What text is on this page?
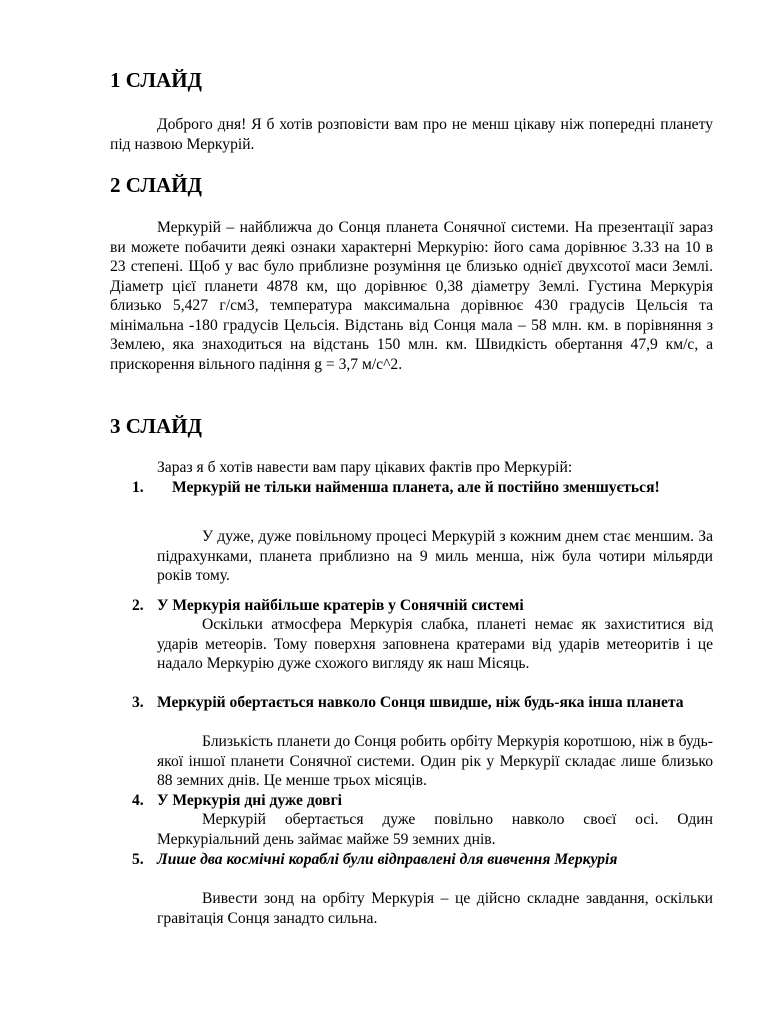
1 СЛАЙД

Доброго дня! Я б хотів розповісти вам про не менш цікаву ніж попередні планету під назвою Меркурій.

2 СЛАЙД

Меркурій – найближча до Сонця планета Сонячної системи. На презентації зараз ви можете побачити деякі ознаки характерні Меркурію: його сама дорівнює 3.33 на 10 в 23 степені. Щоб у вас було приблизне розуміння це близько однієї двухсотої маси Землі. Діаметр цієї планети 4878 км, що дорівнює 0,38 діаметру Землі. Густина Меркурія близько 5,427 г/см3, температура максимальна дорівнює 430 градусів Цельсія та мінімальна -180 градусів Цельсія. Відстань від Сонця мала – 58 млн. км. в порівняння з Землею, яка знаходиться на відстань 150 млн. км. Швидкість обертання 47,9 км/с, а прискорення вільного падіння g = 3,7 м/с^2.

3 СЛАЙД

Зараз я б хотів навести вам пару цікавих фактів про Меркурій:

1.	Меркурій не тільки найменша планета, але й постійно зменшується!

У дуже, дуже повільному процесі Меркурій з кожним днем стає меншим. За підрахунками, планета приблизно на 9 миль менша, ніж була чотири мільярди років тому.

2. У Меркурія найбільше кратерів у Сонячній системі

Оскільки атмосфера Меркурія слабка, планеті немає як захиститися від ударів метеорів. Тому поверхня заповнена кратерами від ударів метеоритів і це надало Меркурію дуже схожого вигляду як наш Місяць.

3. Меркурій обертається навколо Сонця швидше, ніж будь-яка інша планета

Близькість планети до Сонця робить орбіту Меркурія коротшою, ніж в будь-якої іншої планети Сонячної системи. Один рік у Меркурії складає лише близько 88 земних днів. Це менше трьох місяців.

4. У Меркурія дні дуже довгі

Меркурій обертається дуже повільно навколо своєї осі. Один Меркуріальний день займає майже 59 земних днів.

5. Лише два космічні кораблі були відправлені для вивчення Меркурія

Вивести зонд на орбіту Меркурія – це дійсно складне завдання, оскільки гравітація Сонця занадто сильна.
